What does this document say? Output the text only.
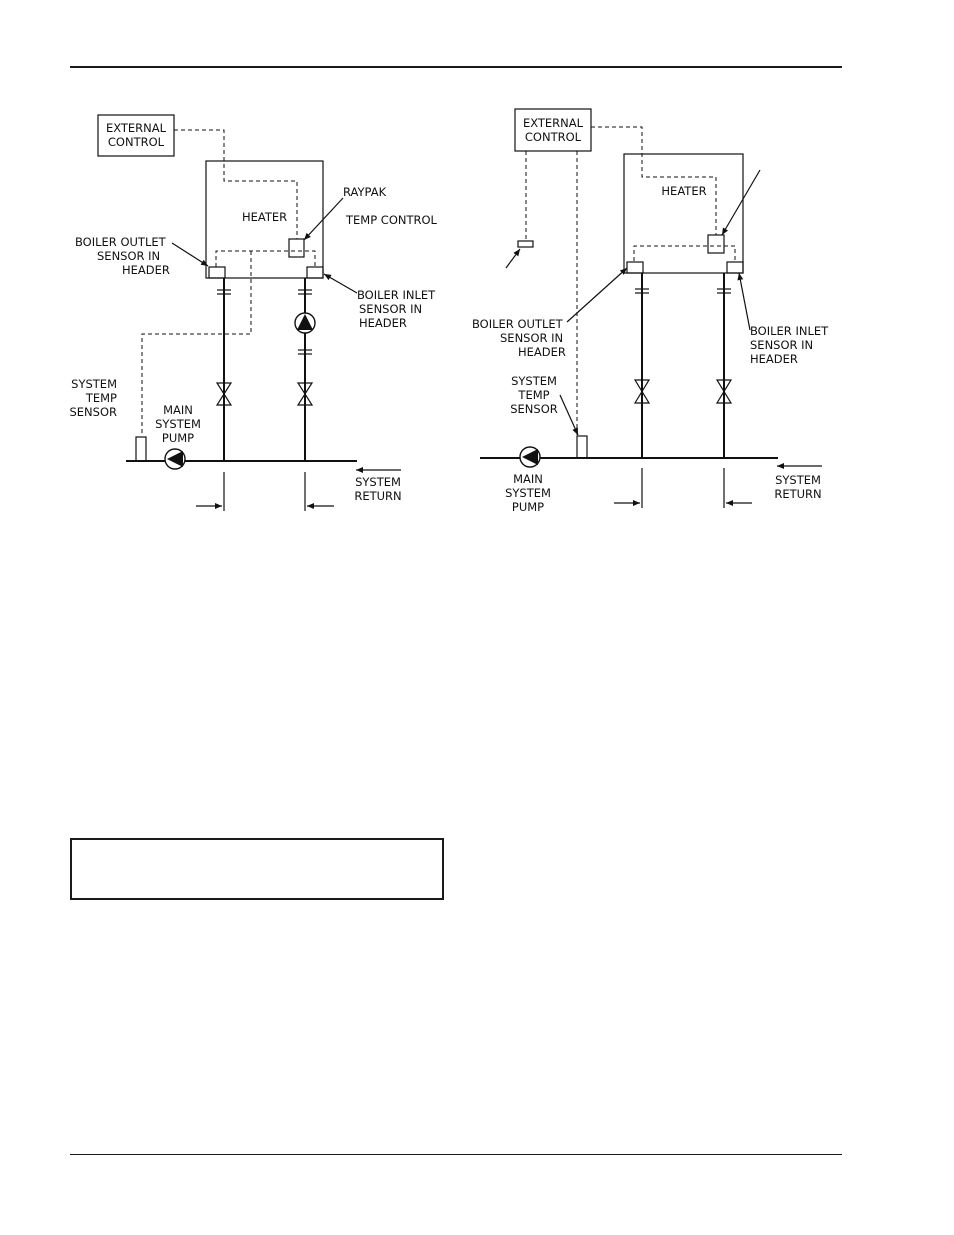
EXTERNAL
CONTROL
HEATER
RAYPAK
TEMP CONTROL
BOILER OUTLET
SENSOR IN
HEADER
BOILER INLET
SENSOR IN
HEADER
SYSTEM
TEMP
SENSOR	MAIN
SYSTEM
PUMP
SYSTEM
RETURN
EXTERNAL
CONTROL
HEATER
BOILER OUTLET
SENSOR IN
HEADER
BOILER INLET
SENSOR IN
HEADER
SYSTEM
TEMP
SENSOR
MAIN
SYSTEM
PUMP
SYSTEM
RETURN
